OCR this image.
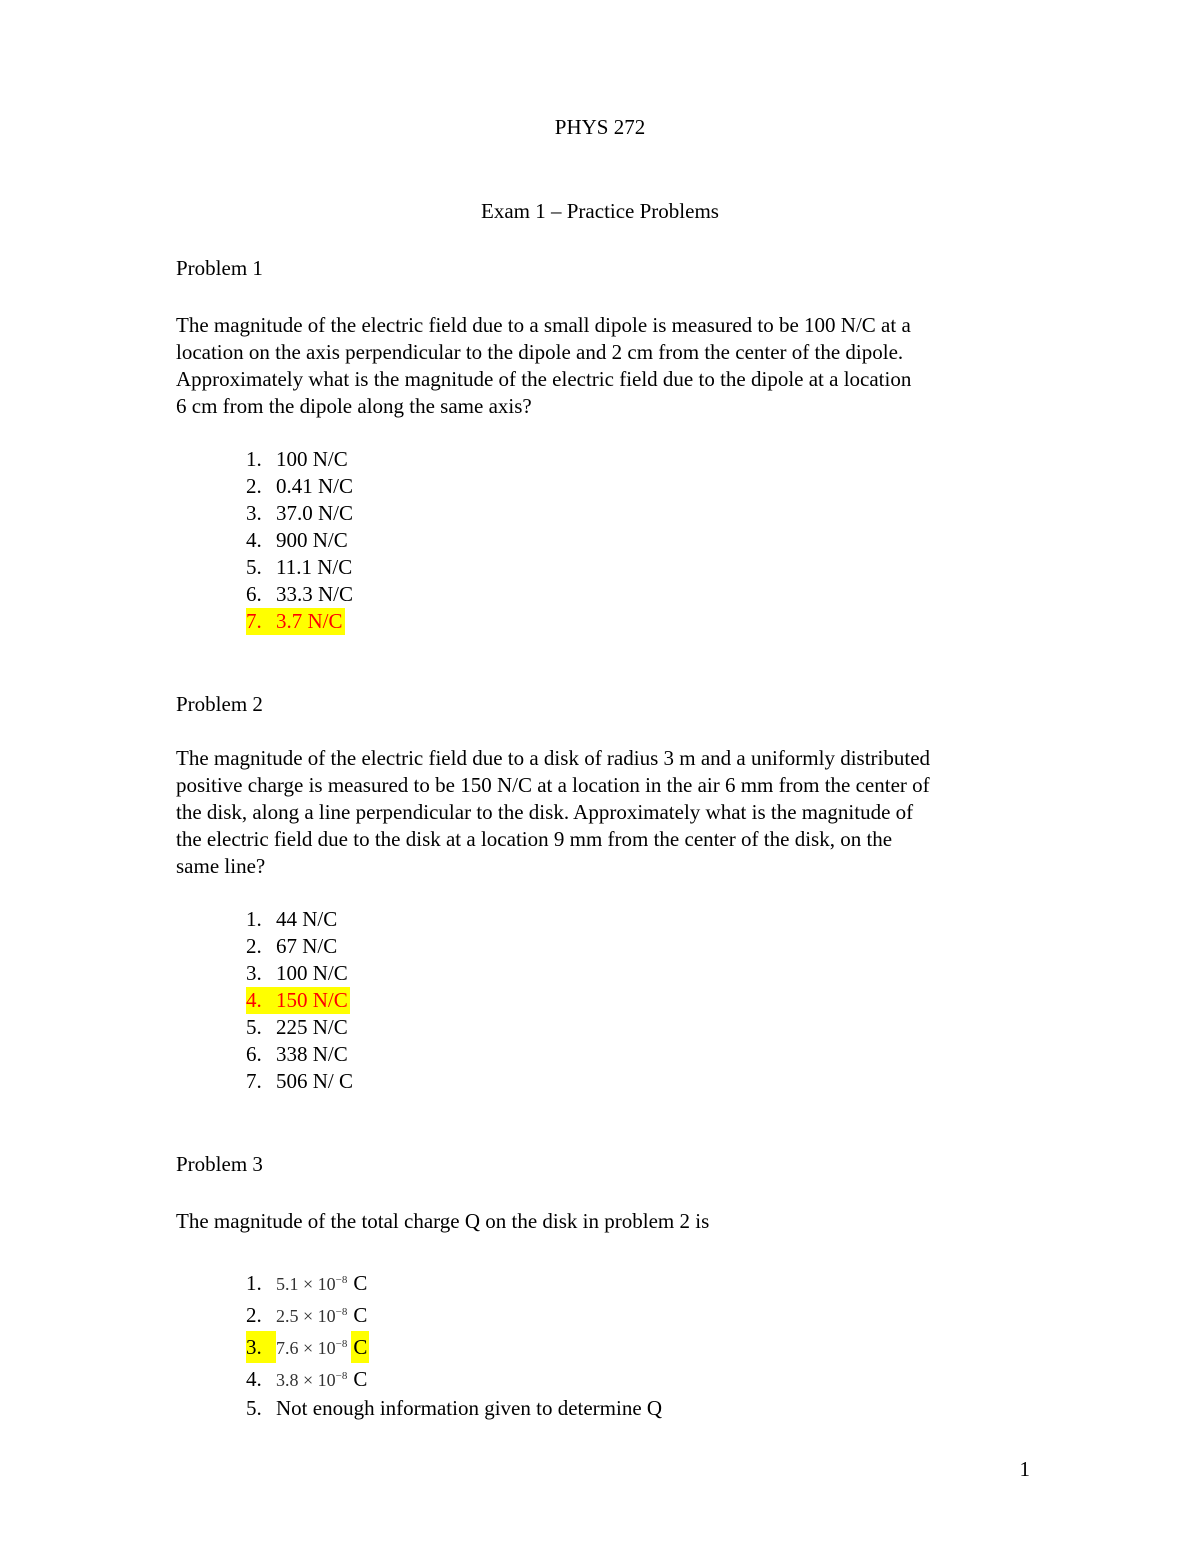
PHYS 272
Exam 1 – Practice Problems
Problem 1
The magnitude of the electric field due to a small dipole is measured to be 100 N/C at a
location on the axis perpendicular to the dipole and 2 cm from the center of the dipole.
Approximately what is the magnitude of the electric field due to the dipole at a location
6 cm from the dipole along the same axis?
1. 100 N/C
2. 0.41 N/C
3. 37.0 N/C
4. 900 N/C
5. 11.1 N/C
6. 33.3 N/C
7. 3.7 N/C
Problem 2
The magnitude of the electric field due to a disk of radius 3 m and a uniformly distributed
positive charge is measured to be 150 N/C at a location in the air 6 mm from the center of
the disk, along a line perpendicular to the disk. Approximately what is the magnitude of
the electric field due to the disk at a location 9 mm from the center of the disk, on the
same line?
1. 44 N/C
2. 67 N/C
3. 100 N/C
4. 150 N/C
5. 225 N/C
6. 338 N/C
7. 506 N/ C
Problem 3
The magnitude of the total charge Q on the disk in problem 2 is
1. $5.1 \times 10^{-8}$ C
2. $2.5 \times 10^{-8}$ C
3. $7.6 \times 10^{-8}$ C
4. $3.8 \times 10^{-8}$ C
5. Not enough information given to determine Q
1
